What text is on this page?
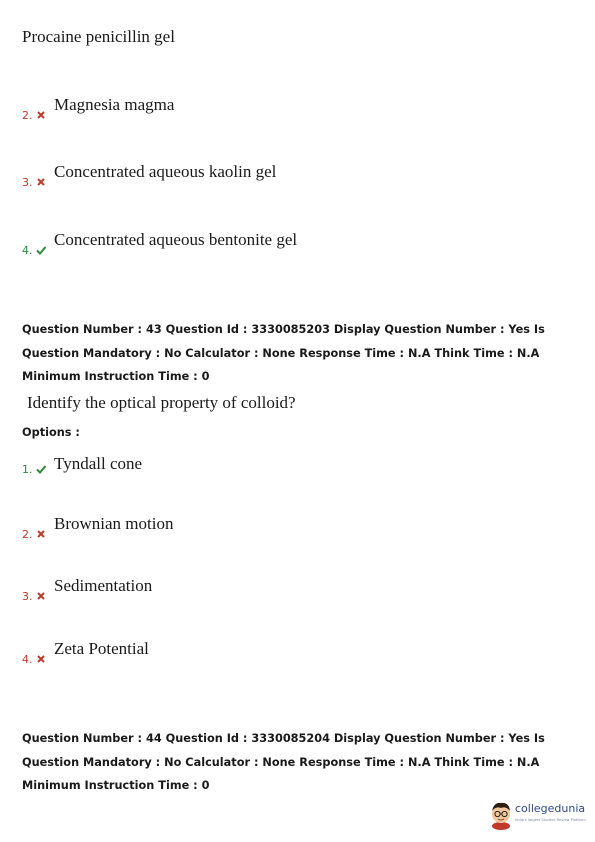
Procaine penicillin gel
2.
Magnesia magma
3.
Concentrated aqueous kaolin gel
4.
Concentrated aqueous bentonite gel
Question Number : 43 Question Id : 3330085203 Display Question Number : Yes Is Question Mandatory : No Calculator : None Response Time : N.A Think Time : N.A Minimum Instruction Time : 0
Identify the optical property of colloid?
Options :
1.	Tyndall cone
2.
Brownian motion
3.
Sedimentation
4.
Zeta Potential
Question Number : 44 Question Id : 3330085204 Display Question Number : Yes Is Question Mandatory : No Calculator : None Response Time : N.A Think Time : N.A Minimum Instruction Time : 0
collegedunia
India's largest Student Review Platform
